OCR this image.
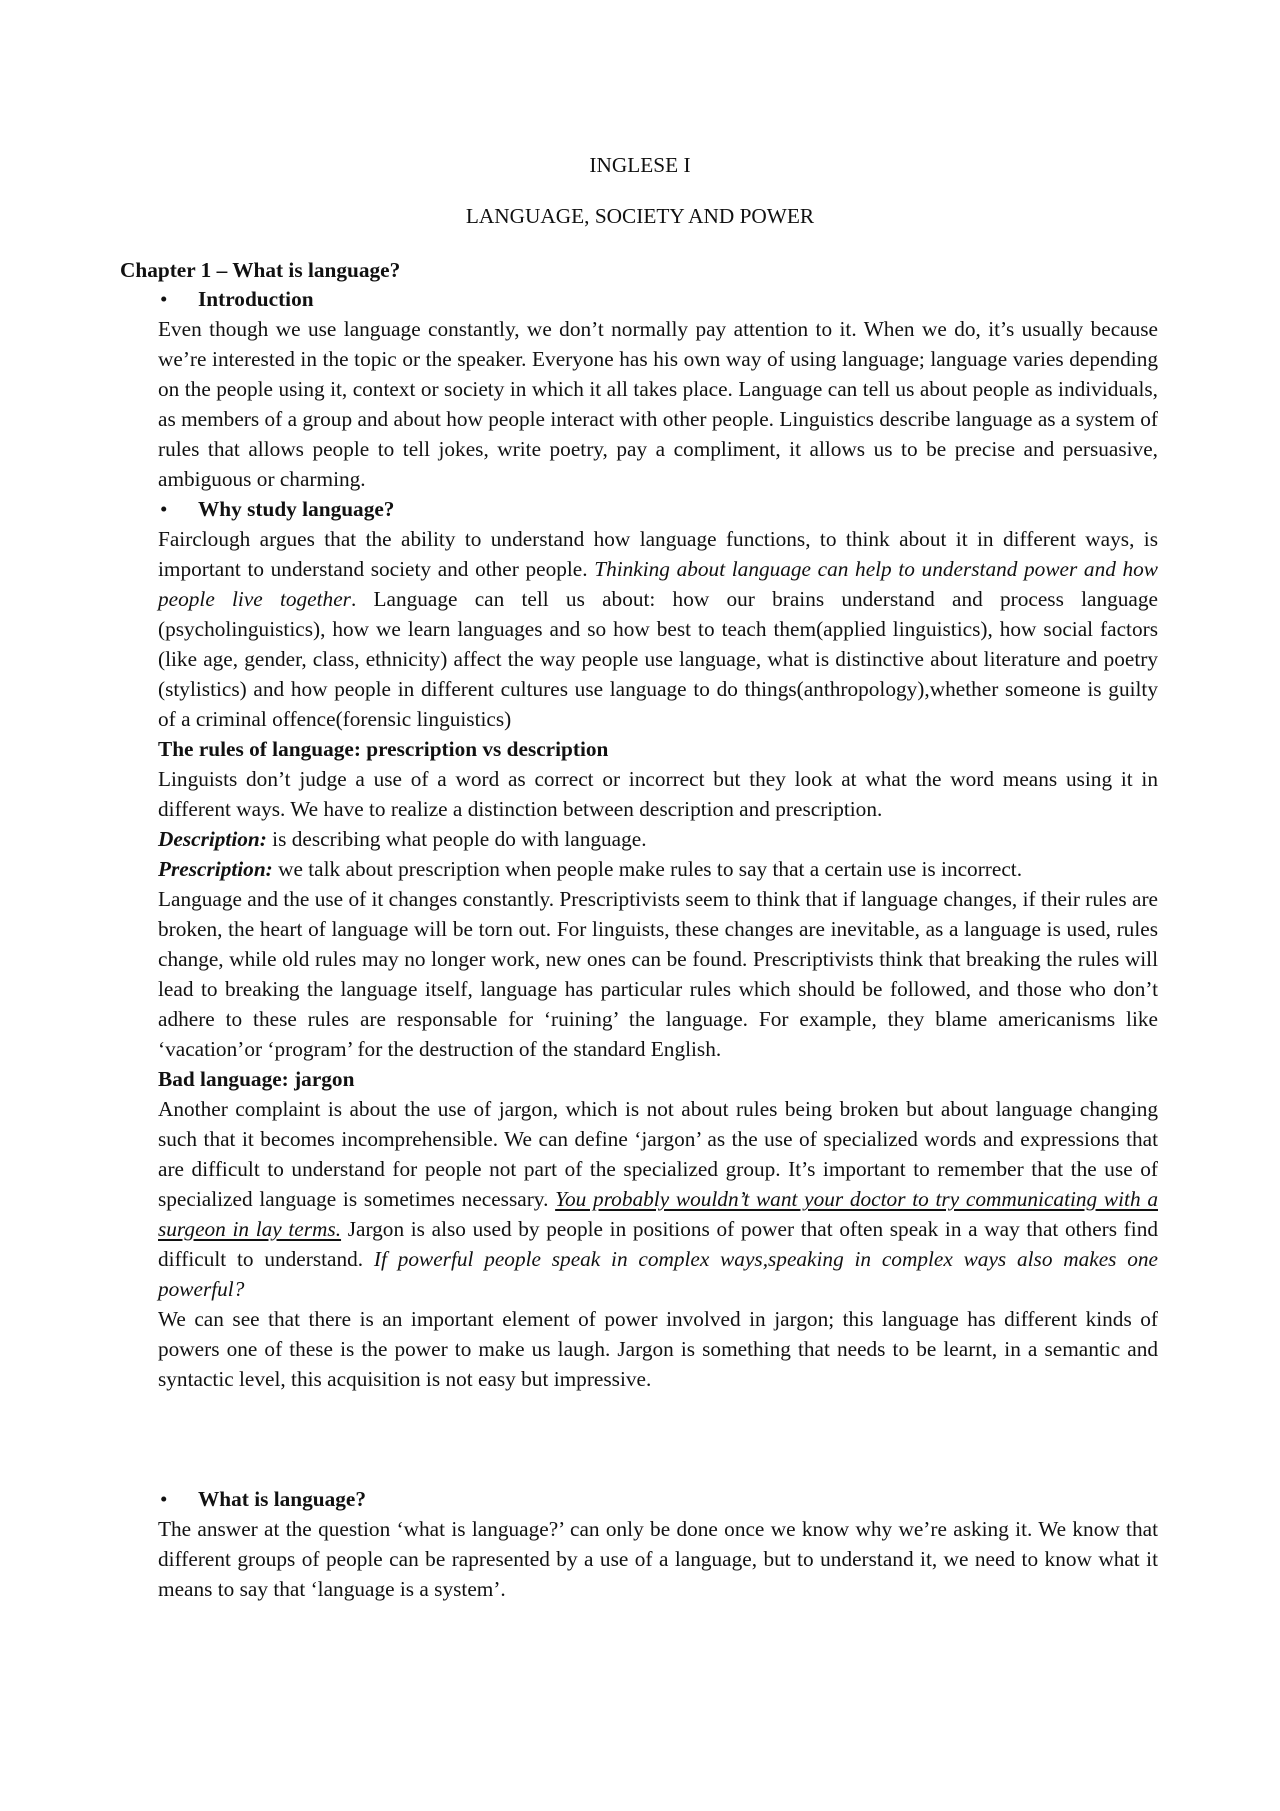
INGLESE I
LANGUAGE, SOCIETY AND POWER
Chapter 1 – What is language?
• Introduction

Even though we use language constantly, we don’t normally pay attention to it. When we do, it’s usually because we’re interested in the topic or the speaker. Everyone has his own way of using language; language varies depending on the people using it, context or society in which it all takes place. Language can tell us about people as individuals, as members of a group and about how people interact with other people. Linguistics describe language as a system of rules that allows people to tell jokes, write poetry, pay a compliment, it allows us to be precise and persuasive, ambiguous or charming.

• Why study language?

Fairclough argues that the ability to understand how language functions, to think about it in different ways, is important to understand society and other people. Thinking about language can help to understand power and how people live together. Language can tell us about: how our brains understand and process language (psycholinguistics), how we learn languages and so how best to teach them(applied linguistics), how social factors (like age, gender, class, ethnicity) affect the way people use language, what is distinctive about literature and poetry (stylistics) and how people in different cultures use language to do things(anthropology),whether someone is guilty of a criminal offence(forensic linguistics)

The rules of language: prescription vs description

Linguists don’t judge a use of a word as correct or incorrect but they look at what the word means using it in different ways. We have to realize a distinction between description and prescription.

Description: is describing what people do with language.

Prescription: we talk about prescription when people make rules to say that a certain use is incorrect.

Language and the use of it changes constantly. Prescriptivists seem to think that if language changes, if their rules are broken, the heart of language will be torn out. For linguists, these changes are inevitable, as a language is used, rules change, while old rules may no longer work, new ones can be found. Prescriptivists think that breaking the rules will lead to breaking the language itself, language has particular rules which should be followed, and those who don’t adhere to these rules are responsable for ‘ruining’ the language. For example, they blame americanisms like ‘vacation’or ‘program’ for the destruction of the standard English.

Bad language: jargon

Another complaint is about the use of jargon, which is not about rules being broken but about language changing such that it becomes incomprehensible. We can define ‘jargon’ as the use of specialized words and expressions that are difficult to understand for people not part of the specialized group. It’s important to remember that the use of specialized language is sometimes necessary. You probably wouldn’t want your doctor to try communicating with a surgeon in lay terms. Jargon is also used by people in positions of power that often speak in a way that others find difficult to understand. If powerful people speak in complex ways,speaking in complex ways also makes one powerful?

We can see that there is an important element of power involved in jargon; this language has different kinds of powers one of these is the power to make us laugh. Jargon is something that needs to be learnt, in a semantic and syntactic level, this acquisition is not easy but impressive.

• What is language?

The answer at the question ‘what is language?’ can only be done once we know why we’re asking it. We know that different groups of people can be rapresented by a use of a language, but to understand it, we need to know what it means to say that ‘language is a system’.
